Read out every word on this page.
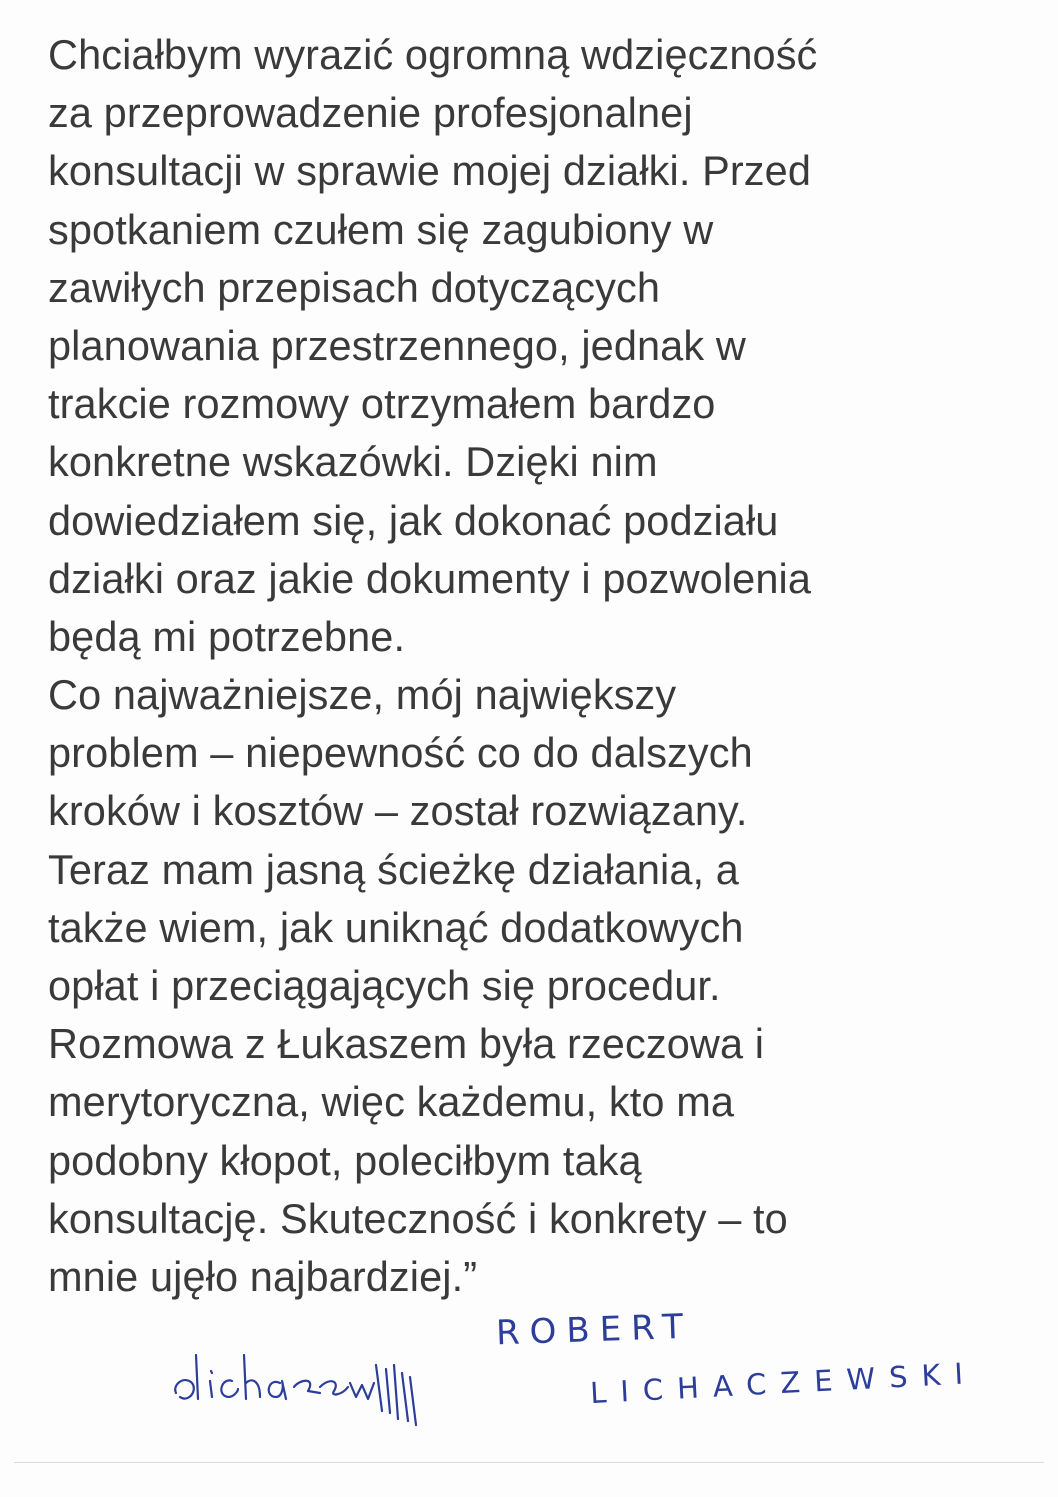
Chciałbym wyrazić ogromną wdzięczność
za przeprowadzenie profesjonalnej
konsultacji w sprawie mojej działki. Przed
spotkaniem czułem się zagubiony w
zawiłych przepisach dotyczących
planowania przestrzennego, jednak w
trakcie rozmowy otrzymałem bardzo
konkretne wskazówki. Dzięki nim
dowiedziałem się, jak dokonać podziału
działki oraz jakie dokumenty i pozwolenia
będą mi potrzebne.
Co najważniejsze, mój największy
problem – niepewność co do dalszych
kroków i kosztów – został rozwiązany.
Teraz mam jasną ścieżkę działania, a
także wiem, jak uniknąć dodatkowych
opłat i przeciągających się procedur.
Rozmowa z Łukaszem była rzeczowa i
merytoryczna, więc każdemu, kto ma
podobny kłopot, poleciłbym taką
konsultację. Skuteczność i konkrety – to
mnie ujęło najbardziej.”
ROBERT
LICHACZEWSKI
